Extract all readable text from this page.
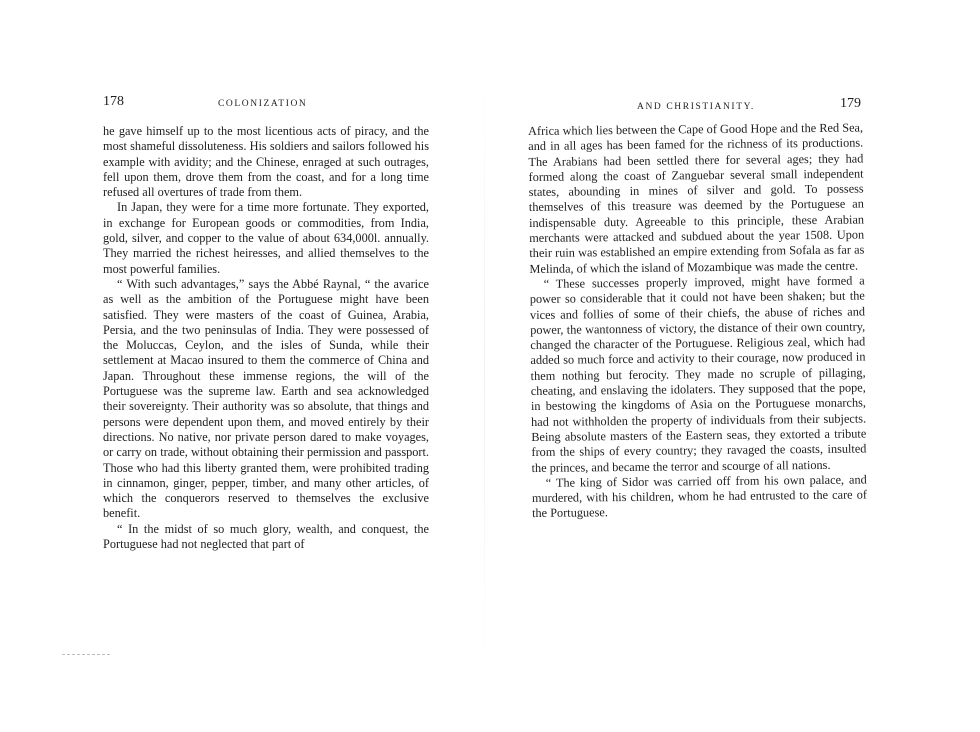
178	COLONIZATION

he gave himself up to the most licentious acts of piracy, and the most shameful dissoluteness. His soldiers and sailors followed his example with avidity; and the Chinese, enraged at such outrages, fell upon them, drove them from the coast, and for a long time refused all overtures of trade from them.

In Japan, they were for a time more fortunate. They exported, in exchange for European goods or commodities, from India, gold, silver, and copper to the value of about 634,000l. annually. They married the richest heiresses, and allied themselves to the most powerful families.

“ With such advantages,” says the Abbé Raynal, “ the avarice as well as the ambition of the Portuguese might have been satisfied. They were masters of the coast of Guinea, Arabia, Persia, and the two peninsulas of India. They were possessed of the Moluccas, Ceylon, and the isles of Sunda, while their settlement at Macao insured to them the commerce of China and Japan. Throughout these immense regions, the will of the Portuguese was the supreme law. Earth and sea acknowledged their sovereignty. Their authority was so absolute, that things and persons were dependent upon them, and moved entirely by their directions. No native, nor private person dared to make voyages, or carry on trade, without obtaining their permission and passport. Those who had this liberty granted them, were prohibited trading in cinnamon, ginger, pepper, timber, and many other articles, of which the conquerors reserved to themselves the exclusive benefit.

“ In the midst of so much glory, wealth, and conquest, the Portuguese had not neglected that part of

AND CHRISTIANITY.	179

Africa which lies between the Cape of Good Hope and the Red Sea, and in all ages has been famed for the richness of its productions. The Arabians had been settled there for several ages; they had formed along the coast of Zanguebar several small independent states, abounding in mines of silver and gold. To possess themselves of this treasure was deemed by the Portuguese an indispensable duty. Agreeable to this principle, these Arabian merchants were attacked and subdued about the year 1508. Upon their ruin was established an empire extending from Sofala as far as Melinda, of which the island of Mozambique was made the centre.

“ These successes properly improved, might have formed a power so considerable that it could not have been shaken; but the vices and follies of some of their chiefs, the abuse of riches and power, the wantonness of victory, the distance of their own country, changed the character of the Portuguese. Religious zeal, which had added so much force and activity to their courage, now produced in them nothing but ferocity. They made no scruple of pillaging, cheating, and enslaving the idolaters. They supposed that the pope, in bestowing the kingdoms of Asia on the Portuguese monarchs, had not withholden the property of individuals from their subjects. Being absolute masters of the Eastern seas, they extorted a tribute from the ships of every country; they ravaged the coasts, insulted the princes, and became the terror and scourge of all nations.

“ The king of Sidor was carried off from his own palace, and murdered, with his children, whom he had entrusted to the care of the Portuguese.
